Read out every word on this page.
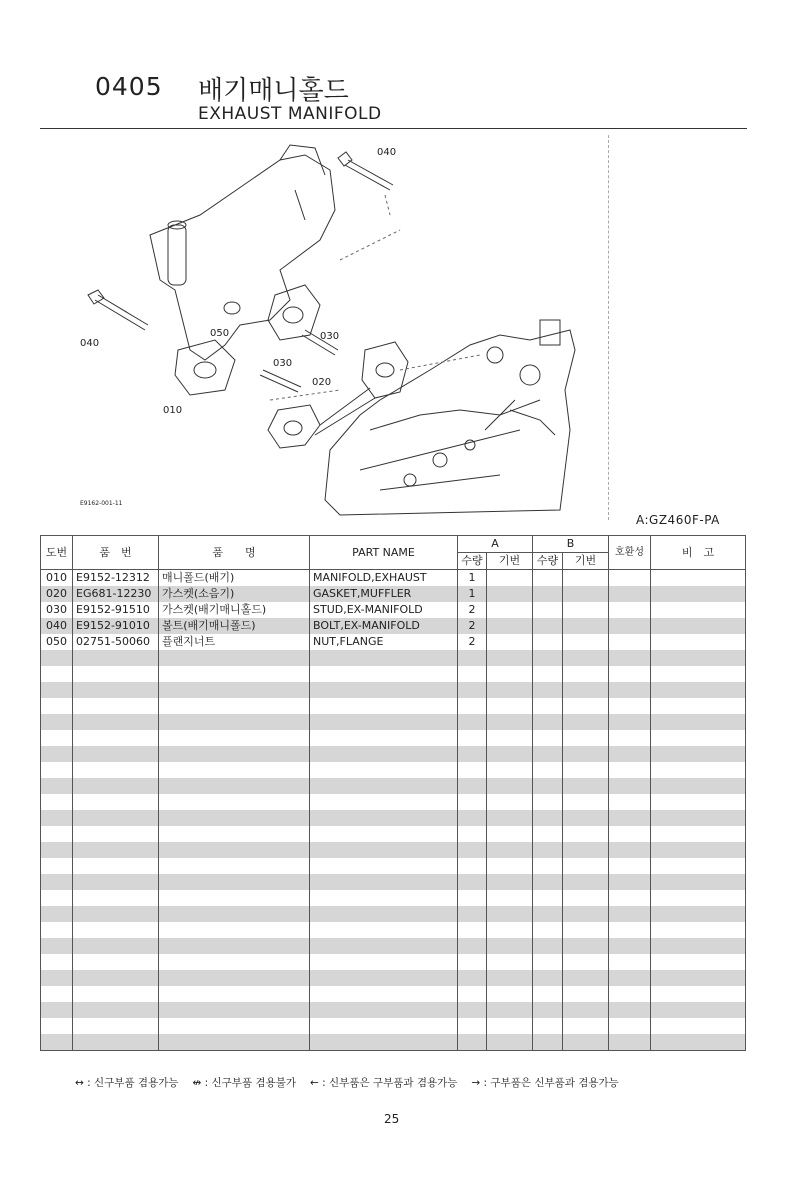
0405 배기매니홀드
EXHAUST MANIFOLD
040
040
050	030
030
020
010
E9162-001-11
A:GZ460F-PA
도번	품　번	품　　명	PART NAME	A		B		호환성	비　고
				수량	기번	수량	기번		
010	E9152-12312	매니폴드(배기)	MANIFOLD,EXHAUST	1					
020	EG681-12230	가스켓(소음기)	GASKET,MUFFLER	1					
030	E9152-91510	가스켓(배기매니홀드)	STUD,EX-MANIFOLD	2					
040	E9152-91010	볼트(배기매니폴드)	BOLT,EX-MANIFOLD	2					
050	02751-50060	플랜지너트	NUT,FLANGE	2					

↔ : 신구부품 겸용가능 ↮ : 신구부품 겸용불가 ← : 신부품은 구부품과 겸용가능 → : 구부품은 신부품과 겸용가능
25
